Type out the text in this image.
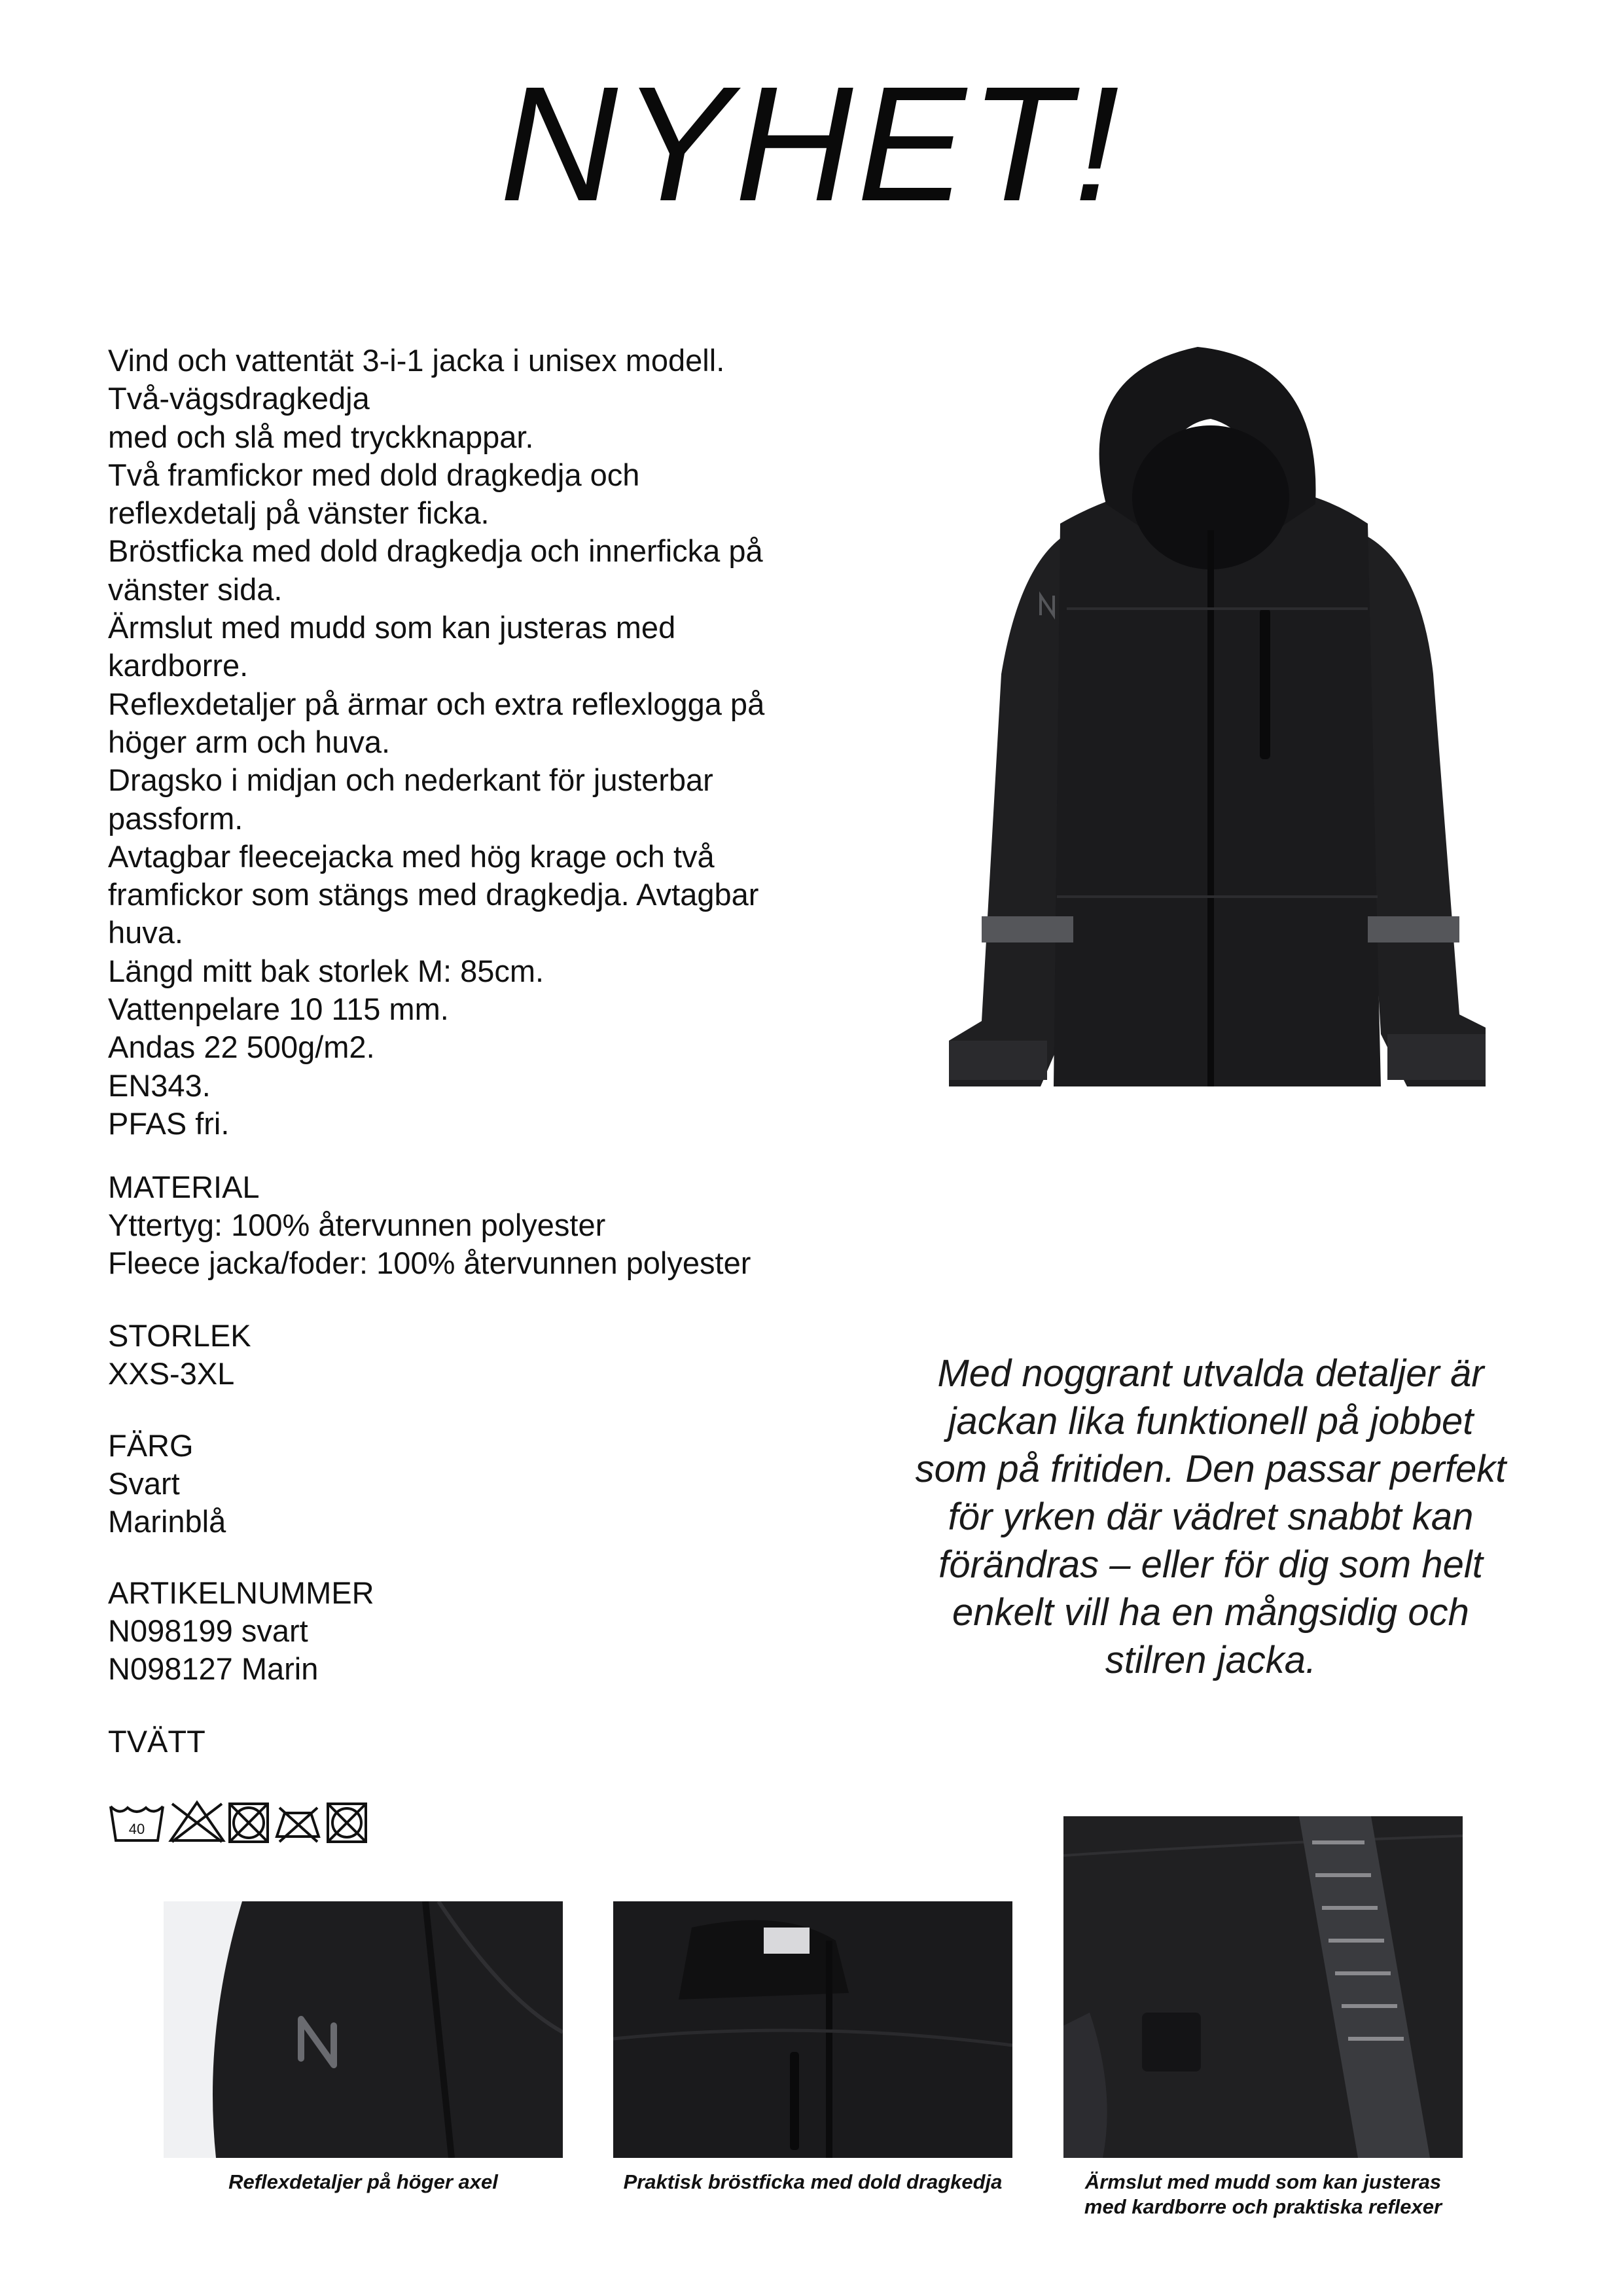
NYHET!
Vind och vattentät 3-i-1 jacka i unisex modell.
Två-vägsdragkedja
med och slå med tryckknappar.
Två framfickor med dold dragkedja och
reflexdetalj på vänster ficka.
Bröstficka med dold dragkedja och innerficka på
vänster sida.
Ärmslut med mudd som kan justeras med
kardborre.
Reflexdetaljer på ärmar och extra reflexlogga på
höger arm och huva.
Dragsko i midjan och nederkant för justerbar
passform.
Avtagbar fleecejacka med hög krage och två
framfickor som stängs med dragkedja. Avtagbar
huva.
Längd mitt bak storlek M: 85cm.
Vattenpelare 10 115 mm.
Andas 22 500g/m2.
EN343.
PFAS fri.
MATERIAL
Yttertyg: 100% återvunnen polyester
Fleece jacka/foder: 100% återvunnen polyester
STORLEK
XXS-3XL
FÄRG
Svart
Marinblå
ARTIKELNUMMER
N098199 svart
N098127 Marin
TVÄTT
40
Med noggrant utvalda detaljer är
jackan lika funktionell på jobbet
som på fritiden. Den passar perfekt
för yrken där vädret snabbt kan
förändras – eller för dig som helt
enkelt vill ha en mångsidig och
stilren jacka.
Reflexdetaljer på höger axel	Praktisk bröstficka med dold dragkedja	Ärmslut med mudd som kan justeras
med kardborre och praktiska reflexer
